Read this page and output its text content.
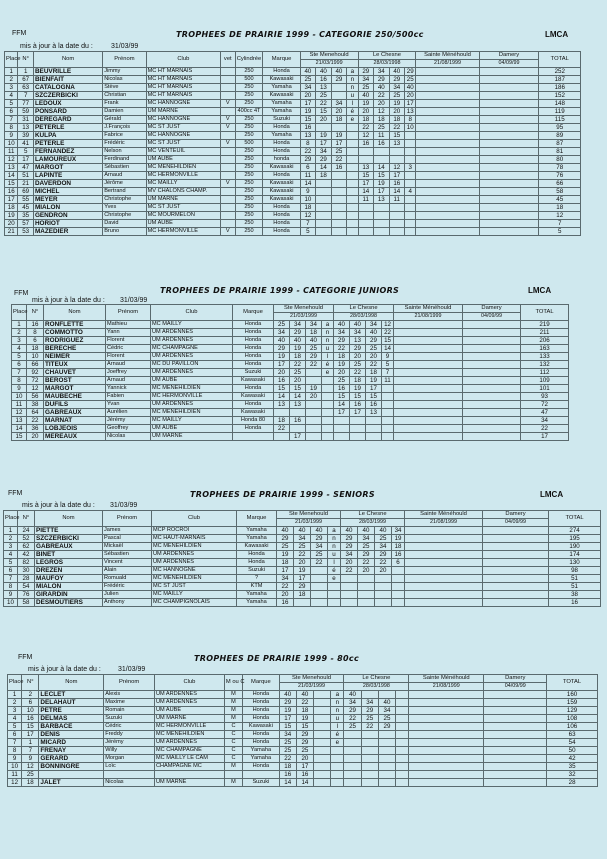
FFM	TROPHEES DE PRAIRIE 1999 - CATEGORIE 250/500cc	LMCA
mis à jour à la date du :	31/03/99
Place	N°	Nom	Prénom	Club	vet	Cylindrée	Marque	Ste Menehould				Le Chesne				Sainte Ménéhould	Damery	TOTAL
								21/03/1999				28/03/1998				21/08/1999	04/09/99	
1	1	BEUVRILLE	Jimmy	MC HT MARNAIS		250	Honda	40	40	40	a	29	34	40	29			252
2	67	BIENFAIT	Nicolas	MC HT MARNAIS		500	Kawasaki	25	16	29	n	34	29	29	25			187
3	63	CATALOGNA	Stève	MC HT MARNAIS		250	Yamaha	34	13		n	25	40	34	40			186
4	7	SZCZERBICKI	Christian	MC HT MARNAIS		250	Kawasaki	20	25		u	40	22	25	20			152
5	77	LEDOUX	Frank	MC HANNOGNE	V	250	Yamaha	17	22	34	l	19	20	19	17			148
6	59	PONSARD	Damien	UM MARNE		400cc 4T	Yamaha	19	15	20	é	20	12	20	13			119
7	31	DEREGARD	Gérald	MC HANNOGNE	V	250	Suzuki	15	20	18	e	18	18	18	8			115
8	13	PETERLE	J.François	MC ST JUST	V	250	Honda	16				22	25	22	10			95
9	39	KULPA	Fabrice	MC HANNOGNE		250	Yamaha	13	19	19		12	11	15				89
10	41	PETERLE	Frédéric	MC ST JUST	V	500	Honda	8	17	17		16	16	13				87
11	5	FERNANDEZ	Nelson	MC VENTEUIL		250	Honda	22	34	25								81
12	17	LAMOUREUX	Ferdinand	UM AUBE		250	honda	29	29	22								80
13	47	MARGOT	Sébastien	MC MENEHILDIEN		250	Kawasaki	6	14	16		13	14	12	3			78
14	51	LAPINTE	Arnaud	MC HERMONVILLE		250	Honda	11	18			15	15	17				76
15	21	DAVERDON	Jérôme	MC MAILLY	V	250	Kawasaki	14				17	19	16				66
16	69	MICHEL	Bertrand	MV CHALONS CHAMP.		250	Kawasaki	9				14	17	14	4			58
17	55	MEYER	Christophe	UM MARNE		250	Kawasaki	10				11	13	11				45
18	45	MIALON	Yves	MC ST JUST		250	Honda	18										18
19	35	GENDRON	Christophe	MC MOURMELON		250	Honda	12										12
20	57	HORIOT	David	UM AUBE		250	Honda	7										7
21	53	MAZEDIER	Bruno	MC HERMONVILLE	V	250	Honda	5										5
TROPHEES DE PRAIRIE 1999 - CATEGORIE JUNIORS	LMCA
FFM
mis à jour à la date du : 31/03/99
Place	N°	Nom	Prénom	Club	Marque	Ste Menehould				Le Chesne				Sainte Ménéhould	Damery	TOTAL
						21/03/1999				28/03/1998				21/08/1999	04/09/99	
1	16	RONFLETTE	Mathieu	MC MAILLY	Honda	25	34	34	a	40	40	34	12			219
2	8	COMMOTTO	Yann	UM ARDENNES	Honda	34	29	18	n	34	34	40	22			211
3	6	RODRIGUEZ	Florent	UM ARDENNES	Honda	40	40	40	n	29	13	29	15			206
4	18	BERECHE	Cédric	MC CHAMPAGNE	Honda	29	19	25	u	22	29	25	14			163
5	10	NEIMER	Florent	UM ARDENNES	Honda	19	18	29	l	18	20	20	9			133
6	66	TITEUX	Arnaud	MC DU PAVILLON	Honda	17	22	22	é	19	25	22	5			132
7	92	CHAUVET	Joeffrey	UM ARDENNES	Suzuki	20	25		e	20	22	18	7			112
8	72	BEROST	Arnaud	UM AUBE	Kawasaki	16	20			25	18	19	11			109
9	12	MARGOT	Yannick	MC MENEHILDIEN	Honda	15	15	19		16	19	17				101
10	56	MAUBECHE	Fabien	MC HERMONVILLE	Kawasaki	14	14	20		15	15	15				93
11	38	DUFILS	Yvan	UM ARDENNES	Honda	13	13			14	16	16				72
12	64	GABREAUX	Aurélien	MC MENEHILDIEN	Kawasaki					17	17	13				47
13	22	MARNAT	Jérémy	MC MAILLY	Honda 80	18	16									34
14	36	LOBJEOIS	Geoffrey	UM AUBE	Honda	22										22
15	20	MEREAUX	Nicolas	UM MARNE			17									17
FFM	TROPHEES DE PRAIRIE 1999 - SENIORS	LMCA
mis à jour à la date du : 31/03/99
Place	N°	Nom	Prénom	Club	Marque	Ste Menehould				Le Chesne				Sainte Ménéhould	Damery	TOTAL
						21/03/1999				28/03/1999				21/08/1999	04/09/99	
1	24	PIETTE	James	MCP ROCROI	Yamaha	40	40	40	a	40	40	40	34			274
2	52	SZCZERBICKI	Pascal	MC HAUT-MARNAIS	Yamaha	29	34	29	n	29	34	25	19			195
3	62	GABREAUX	Mickaël	MC MENEHILDIEN	Kawasaki	25	25	34	n	29	25	34	18			190
4	42	BINET	Sébastien	UM ARDENNES	Honda	19	22	25	u	34	29	29	16			174
5	82	LEGROS	Vincent	UM ARDENNES	Honda	18	20	22	l	20	22	22	6			130
6	30	DREZEN	Alain	MC HANNOGNE	Suzuki	17	19		é	22	20	20				98
7	28	MAUFOY	Romuald	MC MENEHILDIEN	?	34	17		e							51
8	54	MIALON	Frédéric	MC ST JUST	KTM	22	29									51
9	76	GIRARDIN	Julien	MC MAILLY	Yamaha	20	18									38
10	58	DESMOUTIERS	Anthony	MC CHAMPIGNOLAIS	Yamaha	16										16
FFM	TROPHEES DE PRAIRIE 1999 - 80cc
mis à jour à la date du : 31/03/99
Place	N°	Nom	Prénom	Club	M ou C	Marque	Ste Menehould				Le Chesne				Sainte Ménéhould	Damery	TOTAL
							21/03/1999				28/03/1998				21/08/1999	04/09/99	
1	2	LECLET	Alexis	UM ARDENNES	M	Honda	40	40		a	40						160
2	6	DELAHAUT	Maxime	UM ARDENNES	M	Honda	29	22		n	34	34	40				159
3	10	PETRE	Romain	UM AUBE	M	Honda	19	18		n	29	29	34				129
4	16	DELMAS	Suzuki	UM MARNE	M	Honda	17	19		u	22	25	25				108
5	15	BARBACE	Cédric	MC HERMONVILLE	C	Kawasaki	15	15		l	25	22	29				106
6	17	DENIS	Freddy	MC MENEHILDIEN	C	Honda	34	29		é							63
7	1	MICARD	Jérémy	UM ARDENNES	C	Honda	25	29		e							54
8	7	FRENAY	Willy	MC CHAMPAGNE	C	Yamaha	25	25									50
9	9	GERARD	Morgan	MC MAILLY LE CAM	C	Yamaha	22	20									42
10	12	BONNINGRE	Loïc	CHAMPAGNE MC	M	Honda	18	17									35
11	25						16	16									32
12	18	JALET	Nicolas	UM MARNE	M	Suzuki	14	14									28
